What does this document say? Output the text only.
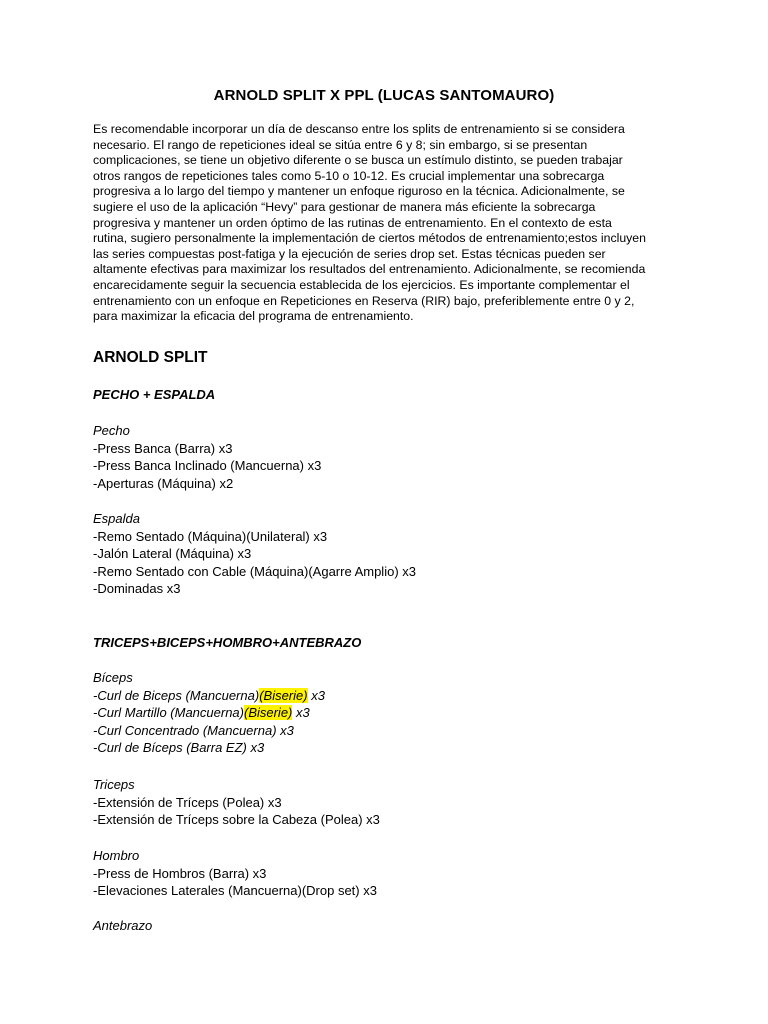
ARNOLD SPLIT X PPL (LUCAS SANTOMAURO)

Es recomendable incorporar un día de descanso entre los splits de entrenamiento si se considera
necesario. El rango de repeticiones ideal se sitúa entre 6 y 8; sin embargo, si se presentan
complicaciones, se tiene un objetivo diferente o se busca un estímulo distinto, se pueden trabajar
otros rangos de repeticiones tales como 5-10 o 10-12. Es crucial implementar una sobrecarga
progresiva a lo largo del tiempo y mantener un enfoque riguroso en la técnica. Adicionalmente, se
sugiere el uso de la aplicación “Hevy” para gestionar de manera más eficiente la sobrecarga
progresiva y mantener un orden óptimo de las rutinas de entrenamiento. En el contexto de esta
rutina, sugiero personalmente la implementación de ciertos métodos de entrenamiento;estos incluyen
las series compuestas post-fatiga y la ejecución de series drop set. Estas técnicas pueden ser
altamente efectivas para maximizar los resultados del entrenamiento. Adicionalmente, se recomienda
encarecidamente seguir la secuencia establecida de los ejercicios. Es importante complementar el
entrenamiento con un enfoque en Repeticiones en Reserva (RIR) bajo, preferiblemente entre 0 y 2,
para maximizar la eficacia del programa de entrenamiento.

ARNOLD SPLIT
PECHO + ESPALDA
Pecho
-Press Banca (Barra) x3
-Press Banca Inclinado (Mancuerna) x3
-Aperturas (Máquina) x2
Espalda
-Remo Sentado (Máquina)(Unilateral) x3
-Jalón Lateral (Máquina) x3
-Remo Sentado con Cable (Máquina)(Agarre Amplio) x3
-Dominadas x3
TRICEPS+BICEPS+HOMBRO+ANTEBRAZO
Bíceps
-Curl de Biceps (Mancuerna)(Biserie) x3
-Curl Martillo (Mancuerna)(Biserie) x3
-Curl Concentrado (Mancuerna) x3
-Curl de Bíceps (Barra EZ) x3
Triceps
-Extensión de Tríceps (Polea) x3
-Extensión de Tríceps sobre la Cabeza (Polea) x3
Hombro
-Press de Hombros (Barra) x3
-Elevaciones Laterales (Mancuerna)(Drop set) x3
Antebrazo
